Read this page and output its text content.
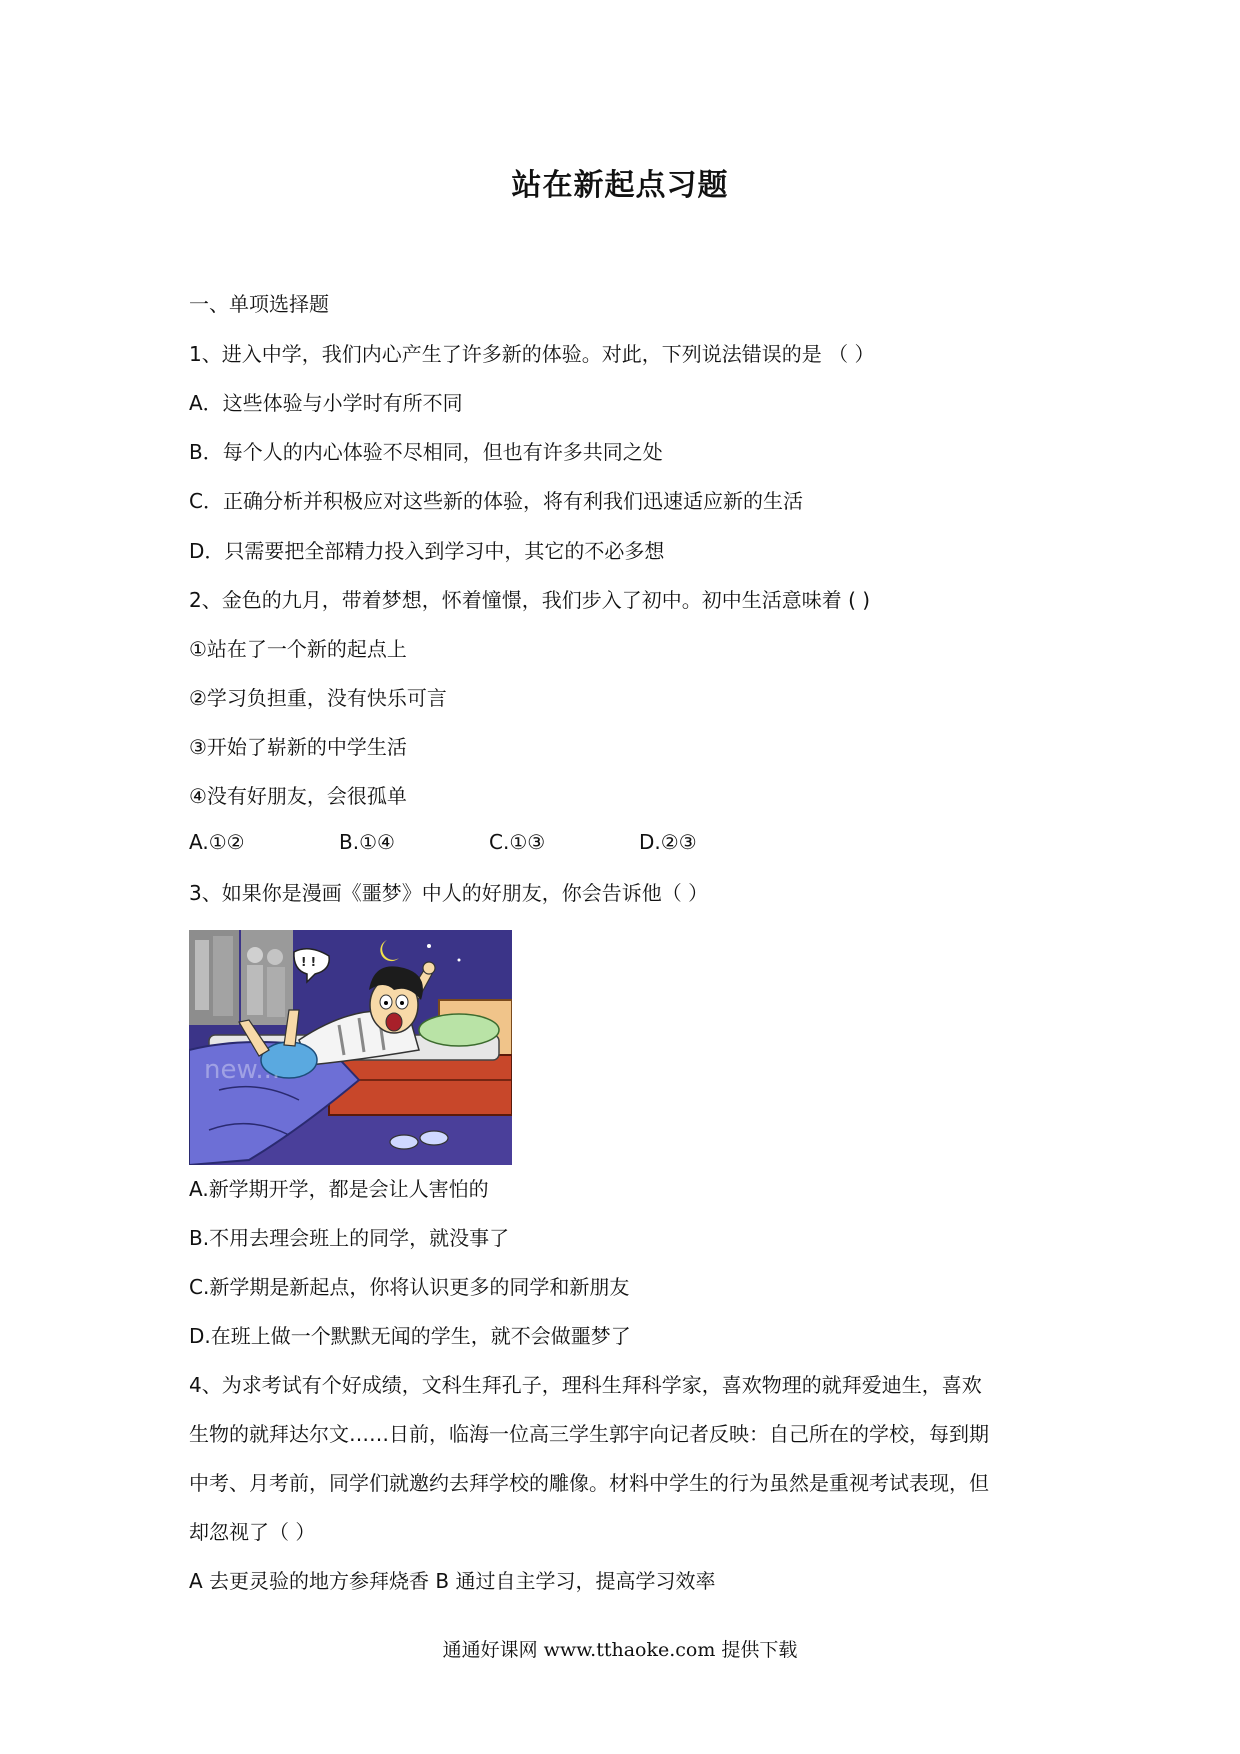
站在新起点习题
一、单项选择题
1、进入中学，我们内心产生了许多新的体验。对此，下列说法错误的是 （ ）
A．这些体验与小学时有所不同
B．每个人的内心体验不尽相同，但也有许多共同之处
C．正确分析并积极应对这些新的体验，将有利我们迅速适应新的生活
D．只需要把全部精力投入到学习中，其它的不必多想
2、金色的九月，带着梦想，怀着憧憬，我们步入了初中。初中生活意味着 ( )
①站在了一个新的起点上
②学习负担重，没有快乐可言
③开始了崭新的中学生活
④没有好朋友，会很孤单
A.①②	B.①④	C.①③	D.②③
3、如果你是漫画《噩梦》中人的好朋友，你会告诉他（ ）
! !
new...
A.新学期开学，都是会让人害怕的
B.不用去理会班上的同学，就没事了
C.新学期是新起点，你将认识更多的同学和新朋友
D.在班上做一个默默无闻的学生，就不会做噩梦了
4、为求考试有个好成绩，文科生拜孔子，理科生拜科学家，喜欢物理的就拜爱迪生，喜欢
生物的就拜达尔文……日前，临海一位高三学生郭宇向记者反映：自己所在的学校，每到期
中考、月考前，同学们就邀约去拜学校的雕像。材料中学生的行为虽然是重视考试表现，但
却忽视了（ ）
A 去更灵验的地方参拜烧香 B 通过自主学习，提高学习效率
通通好课网 www.tthaoke.com 提供下载
